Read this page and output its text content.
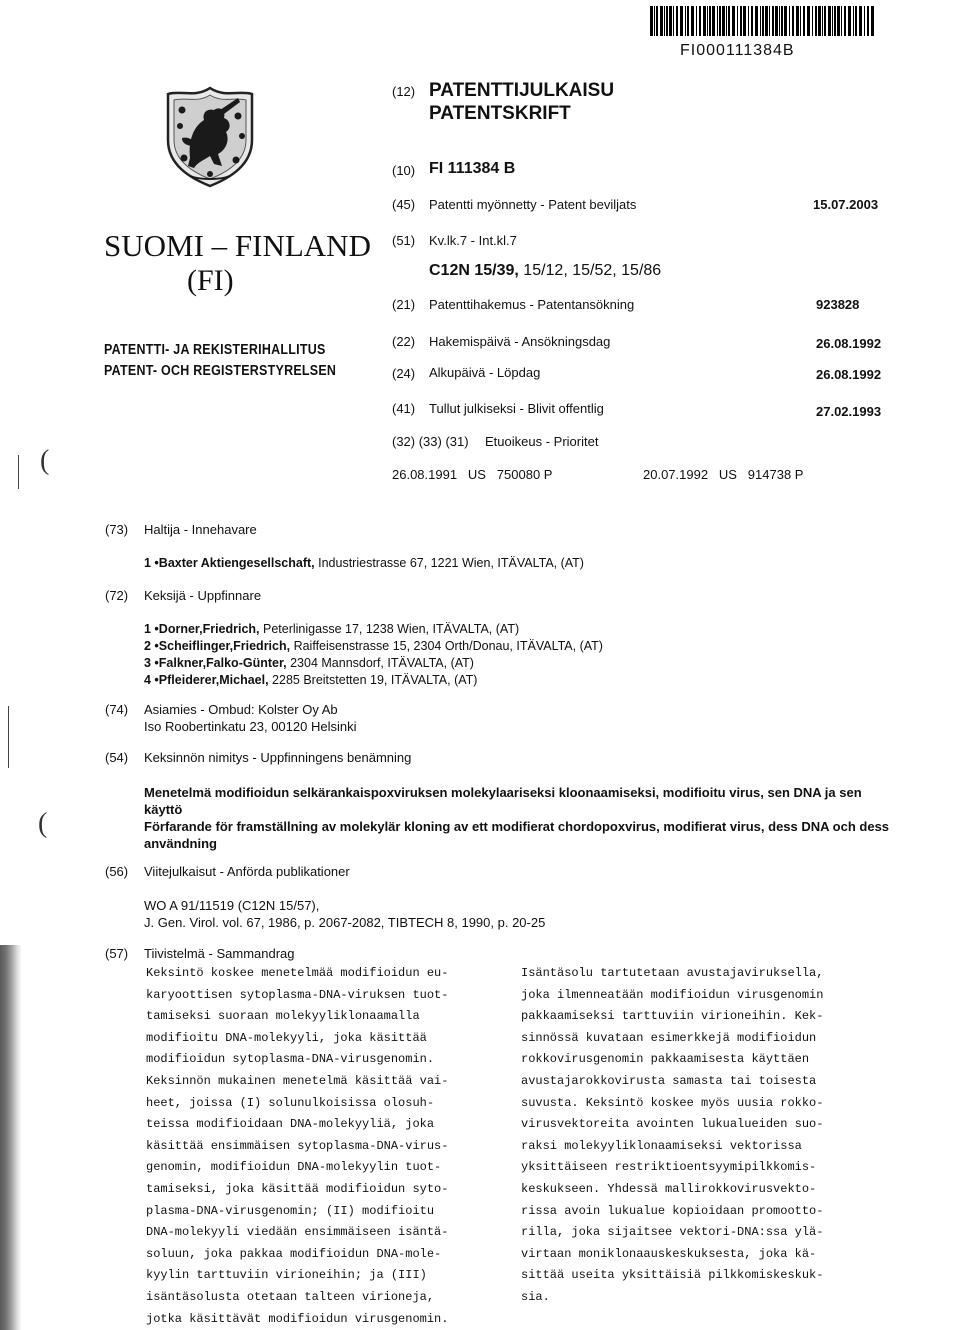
FI000111384B
SUOMI – FINLAND
(FI)
PATENTTI- JA REKISTERIHALLITUS
PATENT- OCH REGISTERSTYRELSEN
(12) PATENTTIJULKAISU
PATENTSKRIFT
(10) FI 111384 B
(45) Patentti myönnetty - Patent beviljats	15.07.2003
(51) Kv.lk.7 - Int.kl.7
C12N 15/39, 15/12, 15/52, 15/86
(21) Patenttihakemus - Patentansökning	923828
(22) Hakemispäivä - Ansökningsdag	26.08.1992
(24) Alkupäivä - Löpdag	26.08.1992
(41) Tullut julkiseksi - Blivit offentlig	27.02.1993
(32) (33) (31) Etuoikeus - Prioritet
26.08.1991   US   750080 P	20.07.1992   US   914738 P
(73) Haltija - Innehavare
1 •Baxter Aktiengesellschaft, Industriestrasse 67, 1221 Wien, ITÄVALTA, (AT)
(72) Keksijä - Uppfinnare
1 •Dorner,Friedrich, Peterlinigasse 17, 1238 Wien, ITÄVALTA, (AT)
2 •Scheiflinger,Friedrich, Raiffeisenstrasse 15, 2304 Orth/Donau, ITÄVALTA, (AT)
3 •Falkner,Falko-Günter, 2304 Mannsdorf, ITÄVALTA, (AT)
4 •Pfleiderer,Michael, 2285 Breitstetten 19, ITÄVALTA, (AT)
(74) Asiamies - Ombud: Kolster Oy Ab
Iso Roobertinkatu 23, 00120 Helsinki
(54) Keksinnön nimitys - Uppfinningens benämning
Menetelmä modifioidun selkärankaispoxviruksen molekylaariseksi kloonaamiseksi, modifioitu virus, sen DNA ja sen käyttö
Förfarande för framställning av molekylär kloning av ett modifierat chordopoxvirus, modifierat virus, dess DNA och dess användning
(56) Viitejulkaisut - Anförda publikationer
WO A 91/11519 (C12N 15/57),
J. Gen. Virol. vol. 67, 1986, p. 2067-2082, TIBTECH 8, 1990, p. 20-25
(57) Tiivistelmä - Sammandrag
Keksintö koskee menetelmää modifioidun eu-
karyoottisen sytoplasma-DNA-viruksen tuot-
tamiseksi suoraan molekyyliklonaamalla
modifioitu DNA-molekyyli, joka käsittää
modifioidun sytoplasma-DNA-virusgenomin.
Keksinnön mukainen menetelmä käsittää vai-
heet, joissa (I) solunulkoisissa olosuh-
teissa modifioidaan DNA-molekyyliä, joka
käsittää ensimmäisen sytoplasma-DNA-virus-
genomin, modifioidun DNA-molekyylin tuot-
tamiseksi, joka käsittää modifioidun syto-
plasma-DNA-virusgenomin; (II) modifioitu
DNA-molekyyli viedään ensimmäiseen isäntä-
soluun, joka pakkaa modifioidun DNA-mole-
kyylin tarttuviin virioneihin; ja (III)
isäntäsolusta otetaan talteen virioneja,
jotka käsittävät modifioidun virusgenomin.
Isäntäsolu tartutetaan avustajaviruksella,
joka ilmenneatään modifioidun virusgenomin
pakkaamiseksi tarttuviin virioneihin. Kek-
sinnössä kuvataan esimerkkejä modifioidun
rokkovirusgenomin pakkaamisesta käyttäen
avustajarokkovirusta samasta tai toisesta
suvusta. Keksintö koskee myös uusia rokko-
virusvektoreita avointen lukualueiden suo-
raksi molekyyliklonaamiseksi vektorissa
yksittäiseen restriktioentsyymipilkkomis-
keskukseen. Yhdessä mallirokkovirusvekto-
rissa avoin lukualue kopioidaan promootto-
rilla, joka sijaitsee vektori-DNA:ssa ylä-
virtaan moniklonaauskeskuksesta, joka kä-
sittää useita yksittäisiä pilkkomiskeskuk-
sia.
(
(
